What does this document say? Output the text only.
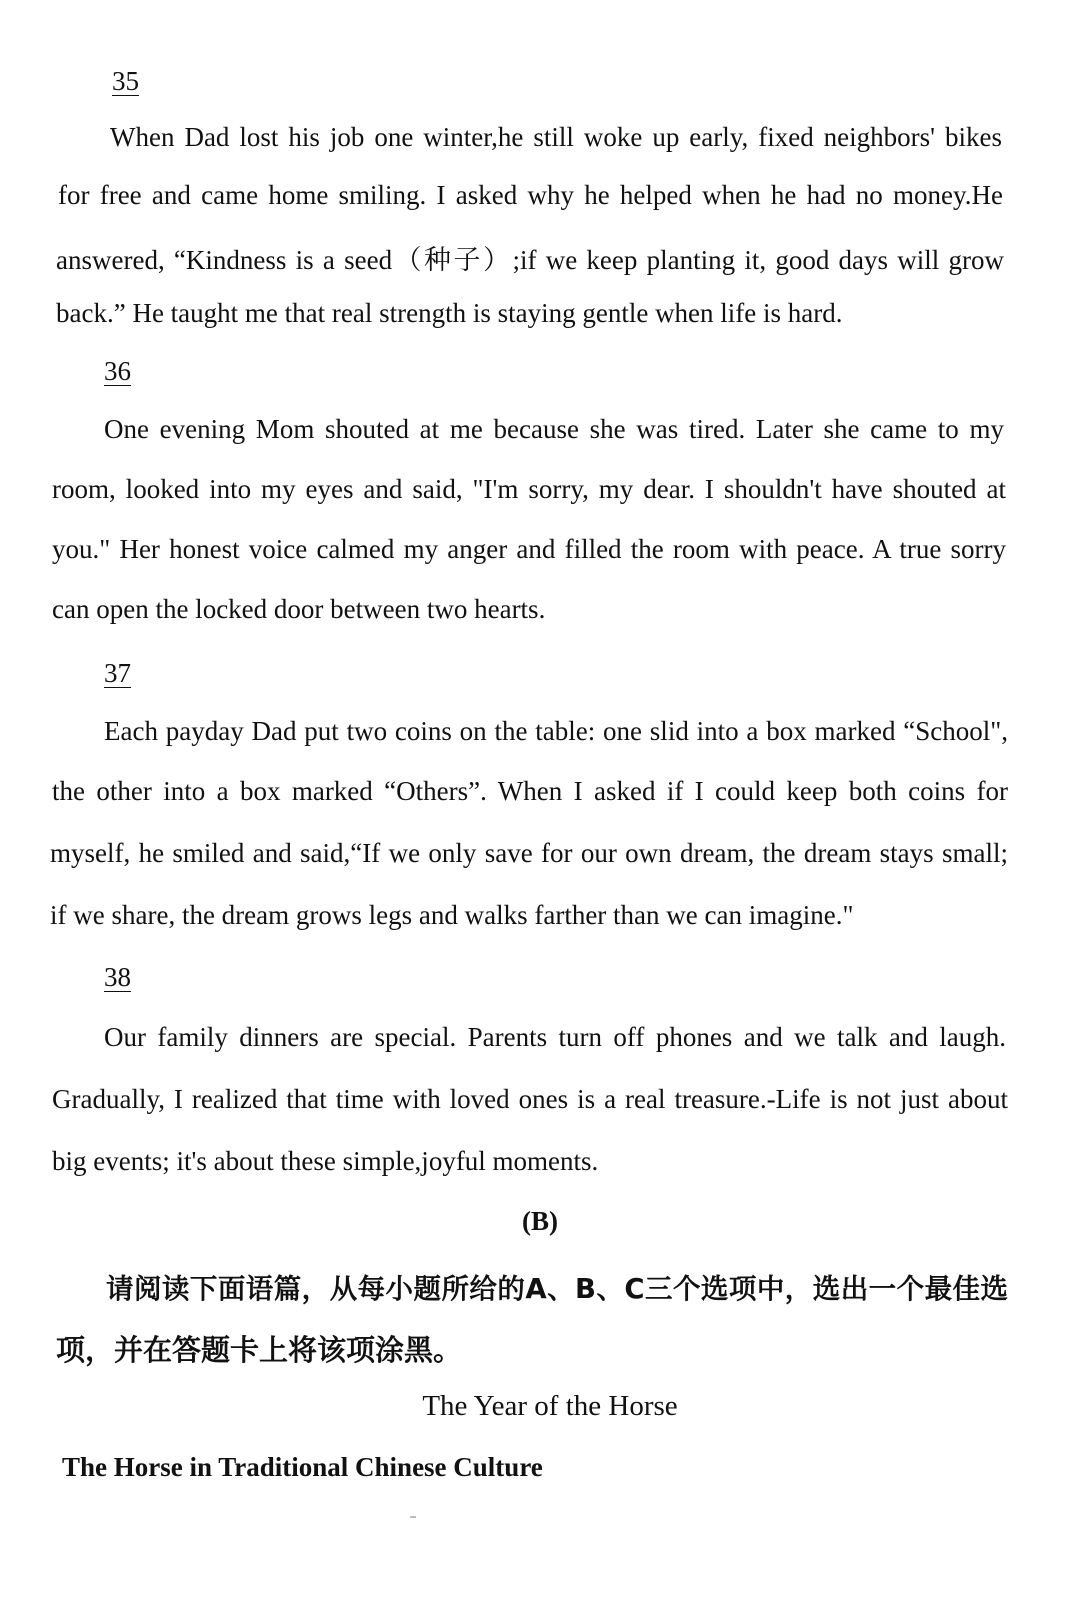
35
When Dad lost his job one winter,he still woke up early, fixed neighbors' bikes
for free and came home smiling. I asked why he helped when he had no money.He
answered, “Kindness is a seed（种子）;if we keep planting it, good days will grow
back.” He taught me that real strength is staying gentle when life is hard.
36
One evening Mom shouted at me because she was tired. Later she came to my
room, looked into my eyes and said, "I'm sorry, my dear. I shouldn't have shouted at
you." Her honest voice calmed my anger and filled the room with peace. A true sorry
can open the locked door between two hearts.
37
Each payday Dad put two coins on the table: one slid into a box marked “School",
the other into a box marked “Others”. When I asked if I could keep both coins for
myself, he smiled and said,“If we only save for our own dream, the dream stays small;
if we share, the dream grows legs and walks farther than we can imagine."
38
Our family dinners are special. Parents turn off phones and we talk and laugh.
Gradually, I realized that time with loved ones is a real treasure.-Life is not just about
big events; it's about these simple,joyful moments.
(B)
请阅读下面语篇，从每小题所给的A、B、C三个选项中，选出一个最佳选
项，并在答题卡上将该项涂黑。
The Year of the Horse
The Horse in Traditional Chinese Culture
